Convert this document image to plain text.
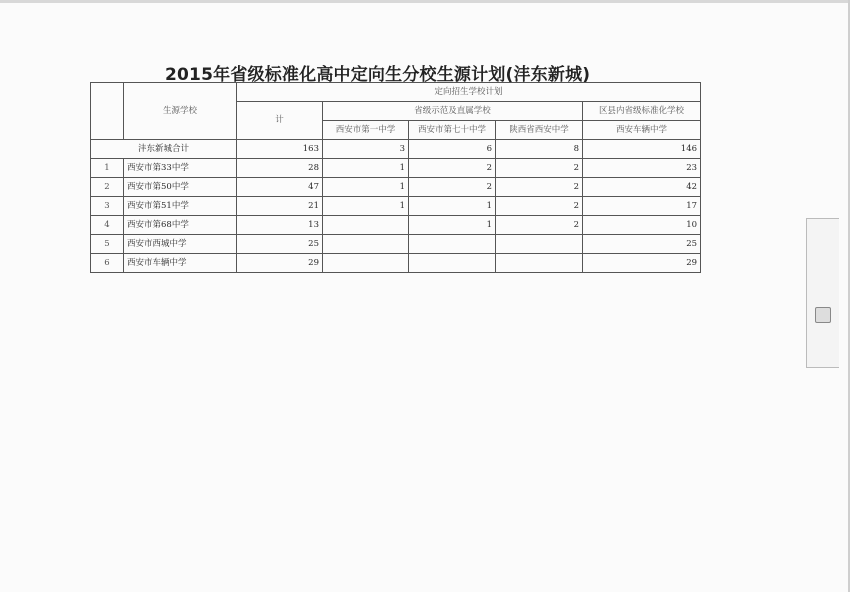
2015年省级标准化高中定向生分校生源计划(沣东新城)
	生源学校	定向招生学校计划				
		计	省级示范及直属学校			区县内省级标准化学校
			西安市第一中学	西安市第七十中学	陕西省西安中学	西安车辆中学
沣东新城合计		163	3	6	8	146
1	西安市第33中学	28	1	2	2	23
2	西安市第50中学	47	1	2	2	42
3	西安市第51中学	21	1	1	2	17
4	西安市第68中学	13		1	2	10
5	西安市西城中学	25				25
6	西安市车辆中学	29				29
